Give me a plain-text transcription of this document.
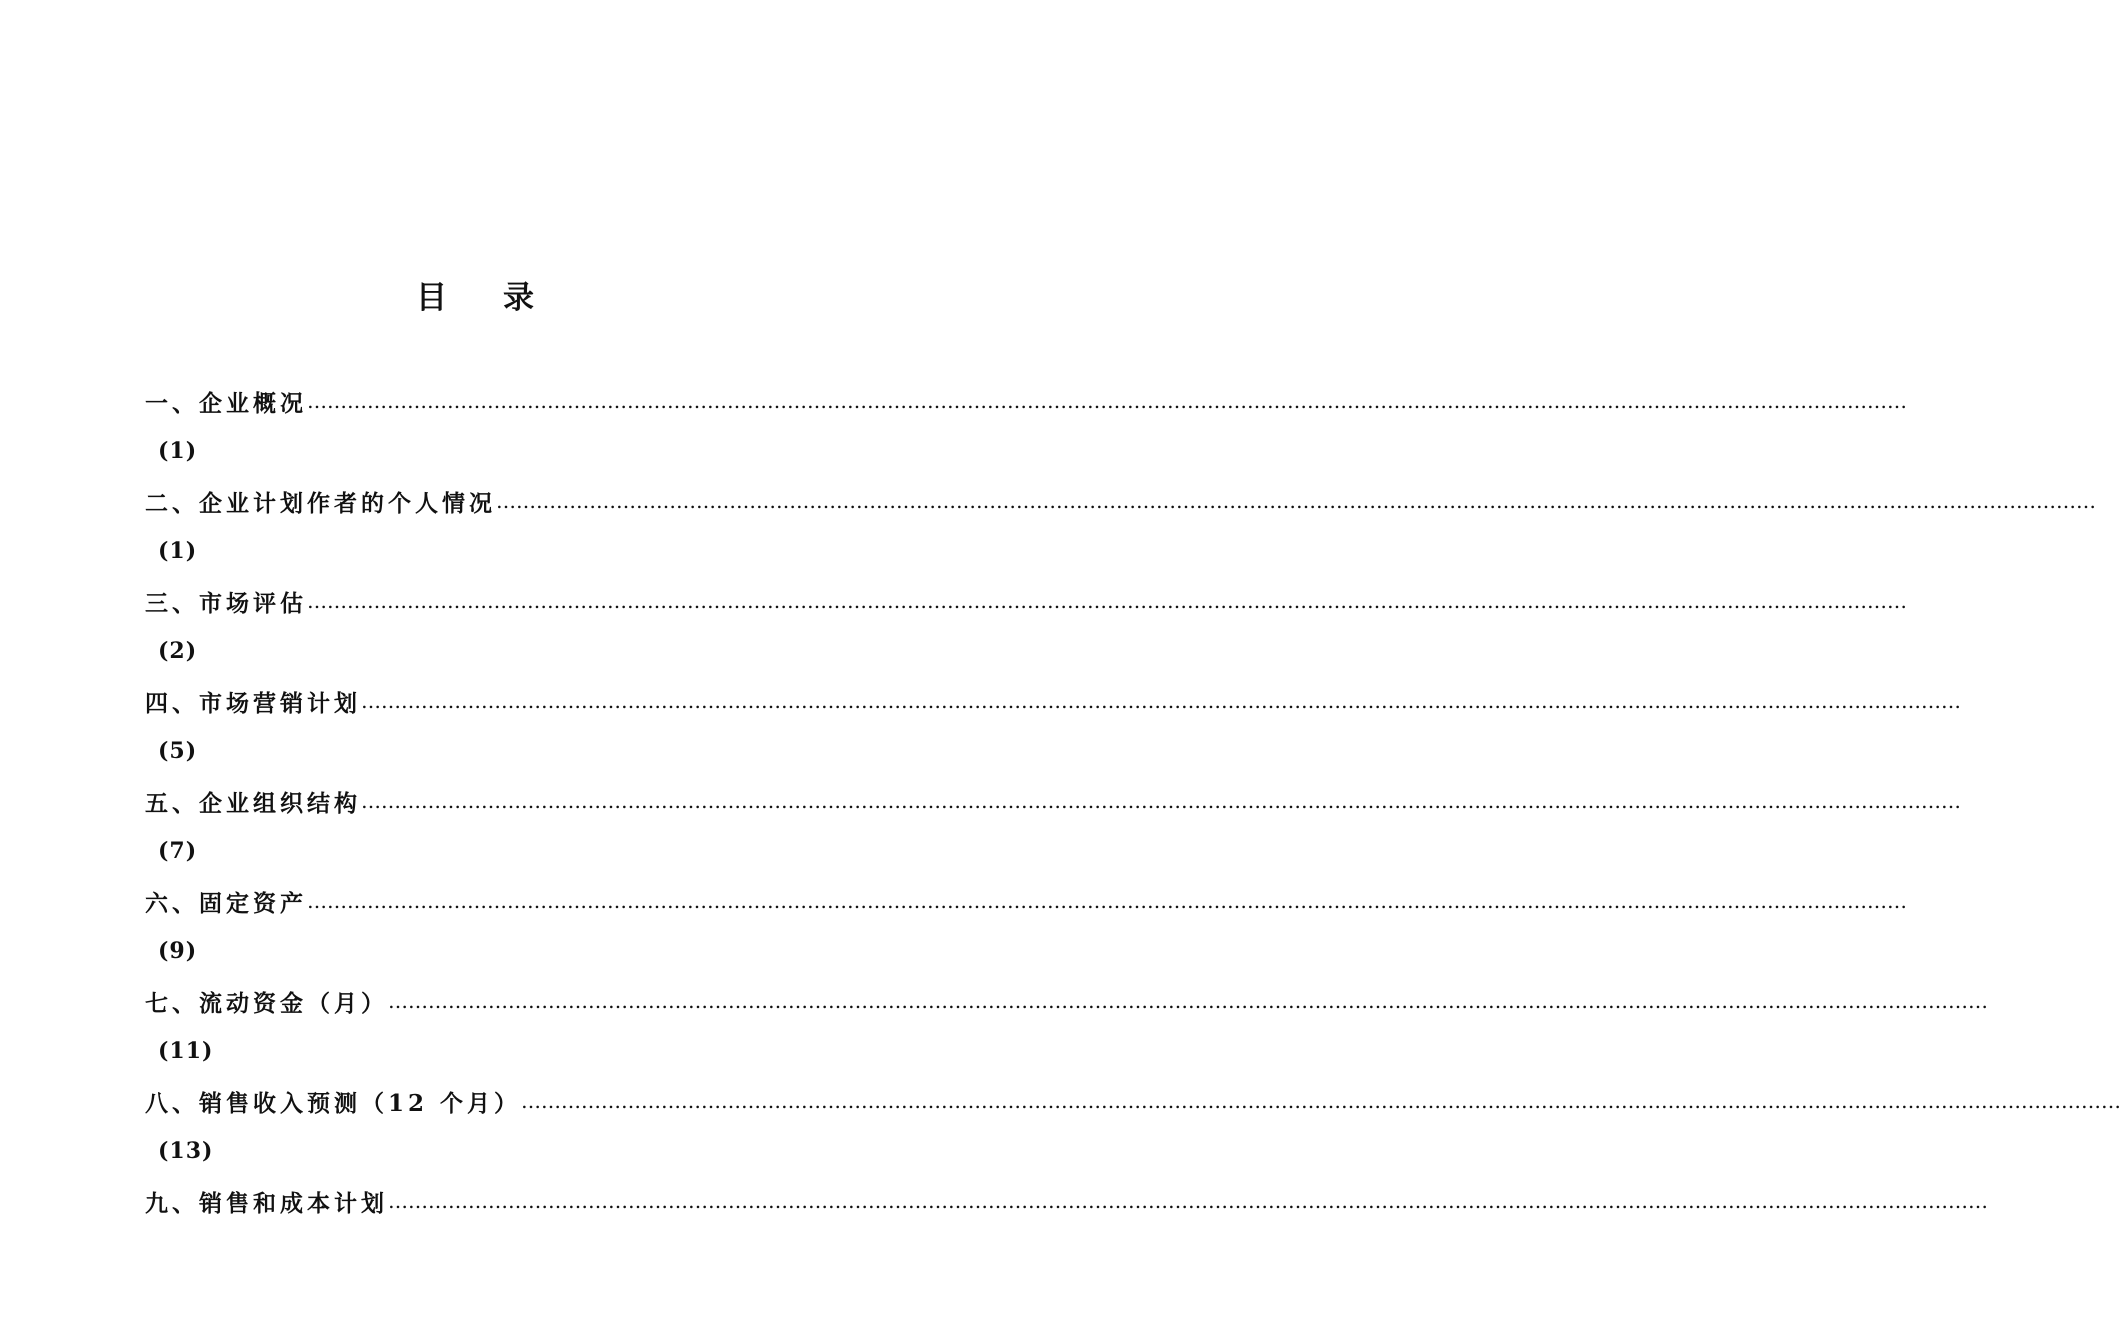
目 录
一、企业概况 ……………………………………………………………………………………………………………………………………………………………………………………………………………………
(1)
二、企业计划作者的个人情况 ……………………………………………………………………………………………………………………………………………………………………………………………………………………
(1)
三、市场评估 ……………………………………………………………………………………………………………………………………………………………………………………………………………………
(2)
四、市场营销计划 ……………………………………………………………………………………………………………………………………………………………………………………………………………………
(5)
五、企业组织结构 ……………………………………………………………………………………………………………………………………………………………………………………………………………………
(7)
六、固定资产 ……………………………………………………………………………………………………………………………………………………………………………………………………………………
(9)
七、流动资金（月） ……………………………………………………………………………………………………………………………………………………………………………………………………………………
(11)
八、销售收入预测（12 个月） ……………………………………………………………………………………………………………………………………………………………………………………………………………………
(13)
九、销售和成本计划 ……………………………………………………………………………………………………………………………………………………………………………………………………………………
